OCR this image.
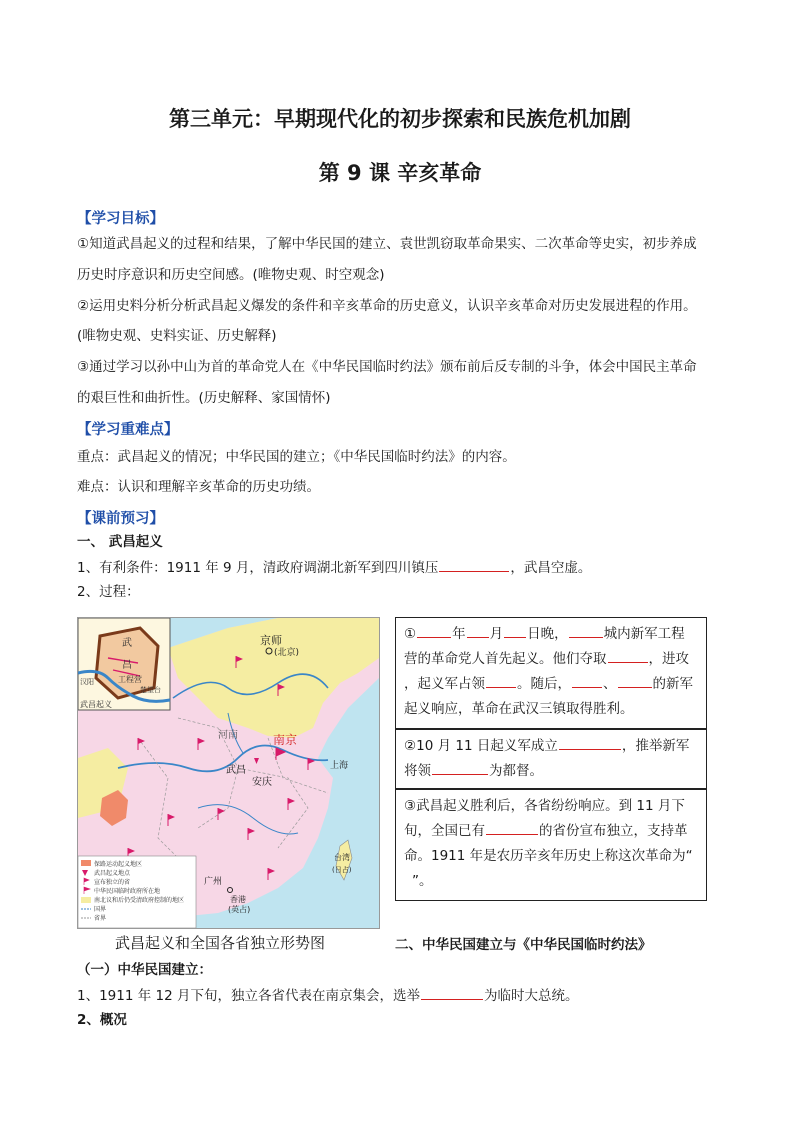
第三单元：早期现代化的初步探索和民族危机加剧
第 9 课 辛亥革命
【学习目标】
①知道武昌起义的过程和结果，了解中华民国的建立、袁世凯窃取革命果实、二次革命等史实，初步养成
历史时序意识和历史空间感。(唯物史观、时空观念)
②运用史料分析分析武昌起义爆发的条件和辛亥革命的历史意义，认识辛亥革命对历史发展进程的作用。
(唯物史观、史料实证、历史解释)
③通过学习以孙中山为首的革命党人在《中华民国临时约法》颁布前后反专制的斗争，体会中国民主革命
的艰巨性和曲折性。(历史解释、家国情怀)
【学习重难点】
重点：武昌起义的情况；中华民国的建立；《中华民国临时约法》的内容。
难点：认识和理解辛亥革命的历史功绩。
【课前预习】
一、 武昌起义
1、有利条件：1911 年 9 月，清政府调湖北新军到四川镇压	，武昌空虚。
2、过程：
武
昌
工程营
汉阳
楚望台
武昌起义
京师
(北京)
河南	南京
武昌
安庆
上海
广州
香港
(英占)
台湾
(日占)
保路运动起义地区
武昌起义地点
宣布独立的省
中华民国临时政府所在地
南北议和后仍受清政府控制的地区
国界
省界
武昌起义和全国各省独立形势图
①	年 月 日晚，	城内新军工程
营的革命党人首先起义。他们夺取	，进攻
，起义军占领 。随后， 、	的新军
起义响应，革命在武汉三镇取得胜利。
②10 月 11 日起义军成立	，推举新军
将领	为都督。
③武昌起义胜利后，各省纷纷响应。到 11 月下
旬，全国已有	的省份宣布独立，支持革
命。1911 年是农历辛亥年历史上称这次革命为“
”。
二、中华民国建立与《中华民国临时约法》
（一）中华民国建立：
1、1911 年 12 月下旬，独立各省代表在南京集会，选举	为临时大总统。
2、概况
